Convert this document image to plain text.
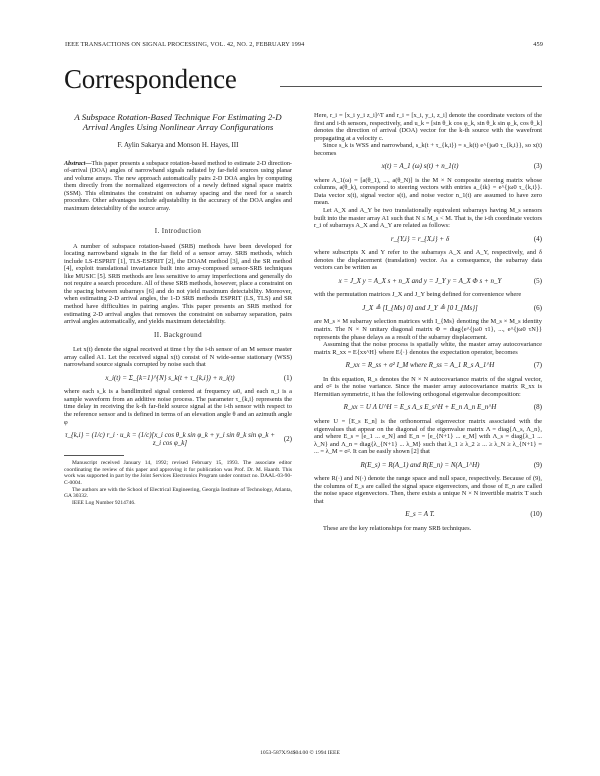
IEEE TRANSACTIONS ON SIGNAL PROCESSING, VOL. 42, NO. 2, FEBRUARY 1994	459
Correspondence
A Subspace Rotation-Based Technique For Estimating 2-D Arrival Angles Using Nonlinear Array Configurations
F. Aylin Sakarya and Monson H. Hayes, III
Abstract—This paper presents a subspace rotation-based method to estimate 2-D direction-of-arrival (DOA) angles of narrowband signals radiated by far-field sources using planar and volume arrays. The new approach automatically pairs 2-D DOA angles by computing them directly from the normalized eigenvectors of a newly defined signal space matrix (SSM). This eliminates the constraint on subarray spacing and the need for a search procedure. Other advantages include adjustability in the accuracy of the DOA angles and maximum detectability of the source array.
I. Introduction

A number of subspace rotation-based (SRB) methods have been developed for locating narrowband signals in the far field of a sensor array. SRB methods, which include LS-ESPRIT [1], TLS-ESPRIT [2], the DOAM method [3], and the SR method [4], exploit translational invariance built into array-composed sensor-SRB techniques like MUSIC [5]. SRB methods are less sensitive to array imperfections and generally do not require a search procedure. All of these SRB methods, however, place a constraint on the spacing between subarrays [6] and do not yield maximum detectability. Moreover, when estimating 2-D arrival angles, the 1-D SRB methods ESPRIT (LS, TLS) and SR method have difficulties in pairing angles. This paper presents an SRB method for estimating 2-D arrival angles that removes the constraint on subarray separation, pairs arrival angles automatically, and yields maximum detectability.

II. Background

Let x(t) denote the signal received at time t by the i-th sensor of an M sensor master array called A1. Let the received signal x(t) consist of N wide-sense stationary (WSS) narrowband source signals corrupted by noise such that

x_i(t) = Σ_{k=1}^{N} s_k(t + τ_{k,i}) + n_i(t)	(1)

where each s_k is a bandlimited signal centered at frequency ω0, and each n_i is a sample waveform from an additive noise process. The parameter τ_{k,i} represents the time delay in receiving the k-th far-field source signal at the i-th sensor with respect to the reference sensor and is defined in terms of an elevation angle θ and an azimuth angle φ

τ_{k,i} = (1/c) r_i · u_k = (1/c)[x_i cos θ_k sin φ_k + y_i sin θ_k sin φ_k + z_i cos φ_k]	(2)

Manuscript received January 14, 1992; revised February 15, 1993. The associate editor coordinating the review of this paper and approving it for publication was Prof. Dr. M. Haardt. This work was supported in part by the Joint Services Electronics Program under contract no. DAAL-03-90-C-0004.

The authors are with the School of Electrical Engineering, Georgia Institute of Technology, Atlanta, GA 30332.

IEEE Log Number 9214746.

Here, r_i = [x_i y_i z_i]^T and r_i = [x_i, y_i, z_i] denote the coordinate vectors of the first and i-th sensors, respectively, and u_k = [sin θ_k cos φ_k, sin θ_k sin φ_k, cos θ_k] denotes the direction of arrival (DOA) vector for the k-th source with the wavefront propagating at a velocity c.

Since s_k is WSS and narrowband, s_k(t + τ_{k,i}) = s_k(t) e^{jω0 τ_{k,i}}, so x(t) becomes

x(t) = A_1 (ω) s(t) + n_1(t)	(3)

where A_1(ω) = [a(θ_1), ..., a(θ_N)] is the M × N composite steering matrix whose columns, a(θ_k), correspond to steering vectors with entries a_{ik} = e^{jω0 τ_{k,i}}. Data vector x(t), signal vector s(t), and noise vector n_1(t) are assumed to have zero mean.

Let A_X and A_Y be two translationally equivalent subarrays having M_s sensors built into the master array A1 such that N ≤ M_s < M. That is, the i-th coordinate vectors r_i of subarrays A_X and A_Y are related as follows:

r_{Y,i} = r_{X,i} + δ	(4)

where subscripts X and Y refer to the subarrays A_X and A_Y, respectively, and δ denotes the displacement (translation) vector. As a consequence, the subarray data vectors can be written as

x = J_X y = A_X s + n_X and y = J_Y y = A_X Φ s + n_Y	(5)

with the permutation matrices J_X and J_Y being defined for convenience where

J_X ≜ [I_{Ms} 0] and J_Y ≜ [0 I_{Ms}]	(6)

are M_s × M subarray selection matrices with I_{Ms} denoting the M_s × M_s identity matrix. The N × N unitary diagonal matrix Φ = diag{e^{jω0 τ1}, ..., e^{jω0 τN}} represents the phase delays as a result of the subarray displacement.

Assuming that the noise process is spatially white, the master array autocovariance matrix R_xx = E{xx^H} where E{·} denotes the expectation operator, becomes

R_xx = R_ss + σ² I_M where R_ss = A_1 R_s A_1^H	(7)

In this equation, R_s denotes the N × N autocovariance matrix of the signal vector, and σ² is the noise variance. Since the master array autocovariance matrix R_xx is Hermitian symmetric, it has the following orthogonal eigenvalue decomposition:

R_xx = U Λ U^H = E_s Λ_s E_s^H + E_n Λ_n E_n^H	(8)

where U = [E_s E_n] is the orthonormal eigenvector matrix associated with the eigenvalues that appear on the diagonal of the eigenvalue matrix Λ = diag{Λ_s, Λ_n}, and where E_s = [e_1 ... e_N] and E_n = [e_{N+1} ... e_M] with Λ_s = diag{λ_1 ... λ_N} and Λ_n = diag{λ_{N+1} ... λ_M} such that λ_1 ≥ λ_2 ≥ ... ≥ λ_N ≥ λ_{N+1} = ... = λ_M = σ². It can be easily shown [2] that

R(E_s) = R(A_1) and R(E_n) = N(A_1^H)	(9)

where R(·) and N(·) denote the range space and null space, respectively. Because of (9), the columns of E_s are called the signal space eigenvectors, and those of E_n are called the noise space eigenvectors. Then, there exists a unique N × N invertible matrix T such that

E_s = A T.	(10)

These are the key relationships for many SRB techniques.

1053-587X/94$04.00 © 1994 IEEE
